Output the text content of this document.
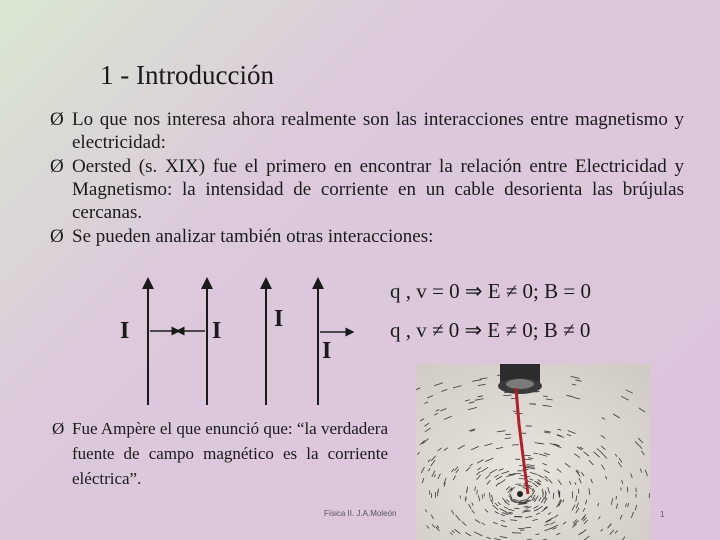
1 - Introducción
Ø Lo que nos interesa ahora realmente son las interacciones entre magnetismo y electricidad:
Ø Oersted (s. XIX) fue el primero en encontrar la relación entre Electricidad y Magnetismo: la intensidad de corriente en un cable desorienta las brújulas cercanas.
Ø Se pueden analizar también otras interacciones:
q , v = 0 ⇒ E ≠ 0; B = 0
q , v ≠ 0 ⇒ E ≠ 0; B ≠ 0
I	I I
I
Ø Fue Ampère el que enunció que: “la verdadera fuente de campo magnético es la corriente eléctrica”.
Física II. J.A.Moleón	1
